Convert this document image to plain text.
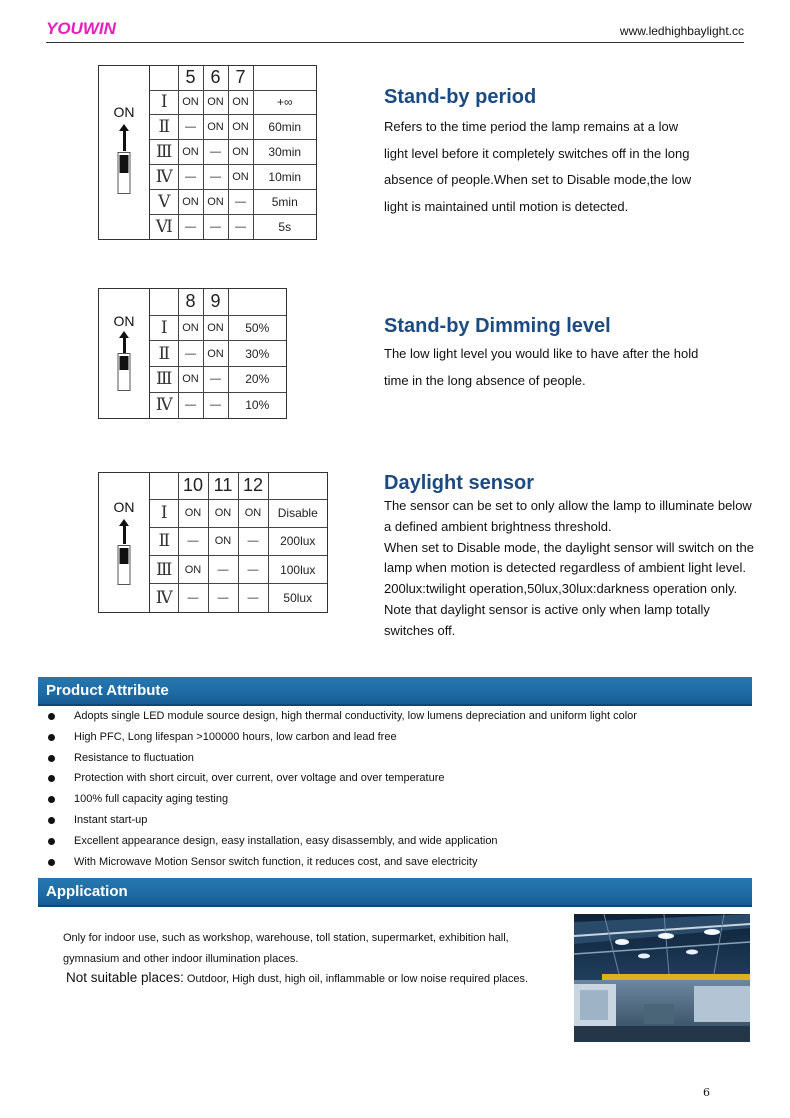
YOUWIN	www.ledhighbaylight.cc
ON
	5	6	7	
Ⅰ	ON	ON	ON	+∞
Ⅱ	—	ON	ON	60min
Ⅲ	ON	—	ON	30min
Ⅳ	—	—	ON	10min
Ⅴ	ON	ON	—	5min
Ⅵ	—	—	—	5s
Stand-by period
Refers to the time period the lamp remains at a low
light level before it completely switches off in the long
absence of people.When set to Disable mode,the low
light is maintained until motion is detected.
ON
	8	9	
Ⅰ	ON	ON	50%
Ⅱ	—	ON	30%
Ⅲ	ON	—	20%
Ⅳ	—	—	10%
Stand-by Dimming level
The low light level you would like to have after the hold
time in the long absence of people.
ON
	10	11	12	
Ⅰ	ON	ON	ON	Disable
Ⅱ	—	ON	—	200lux
Ⅲ	ON	—	—	100lux
Ⅳ	—	—	—	50lux
Daylight sensor
The sensor can be set to only allow the lamp to illuminate below
a defined ambient brightness threshold.
When set to Disable mode, the daylight sensor will switch on the
lamp when motion is detected regardless of ambient light level.
200lux:twilight operation,50lux,30lux:darkness operation only.
Note that daylight sensor is active only when lamp totally
switches off.
Product Attribute
Adopts single LED module source design, high thermal conductivity, low lumens depreciation and uniform light color
High PFC, Long lifespan >100000 hours, low carbon and lead free
Resistance to fluctuation
Protection with short circuit, over current, over voltage and over temperature
100% full capacity aging testing
Instant start-up
Excellent appearance design, easy installation, easy disassembly, and wide application
With Microwave Motion Sensor switch function, it reduces cost, and save electricity
Application
Only for indoor use, such as workshop, warehouse, toll station, supermarket, exhibition hall,
gymnasium and other indoor illumination places.
Not suitable places: Outdoor, High dust, high oil, inflammable or low noise required places.
6
